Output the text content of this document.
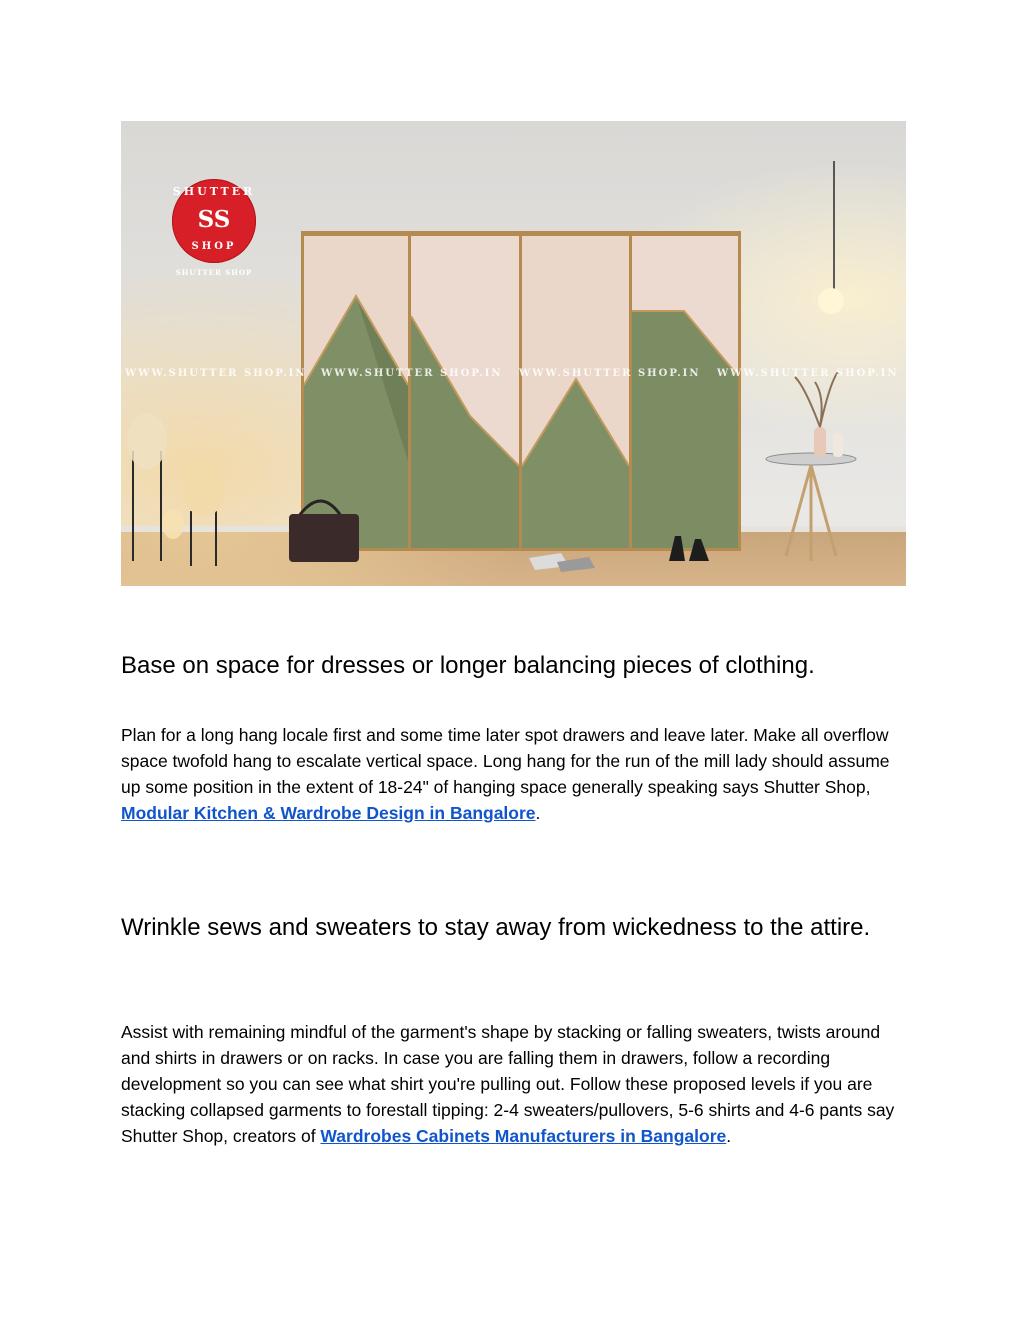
SHUTTER
SS
SHOP
SHUTTER SHOP
WWW.SHUTTER SHOP.IN WWW.SHUTTER SHOP.IN WWW.SHUTTER SHOP.IN WWW.SHUTTER SHOP.IN
Base on space for dresses or longer balancing pieces of clothing.

Plan for a long hang locale first and some time later spot drawers and leave later. Make all overflow space twofold hang to escalate vertical space. Long hang for the run of the mill lady should assume up some position in the extent of 18-24" of hanging space generally speaking says Shutter Shop, Modular Kitchen & Wardrobe Design in Bangalore.

Wrinkle sews and sweaters to stay away from wickedness to the attire.

Assist with remaining mindful of the garment's shape by stacking or falling sweaters, twists around and shirts in drawers or on racks. In case you are falling them in drawers, follow a recording development so you can see what shirt you're pulling out. Follow these proposed levels if you are stacking collapsed garments to forestall tipping: 2-4 sweaters/pullovers, 5-6 shirts and 4-6 pants say Shutter Shop, creators of Wardrobes Cabinets Manufacturers in Bangalore.
